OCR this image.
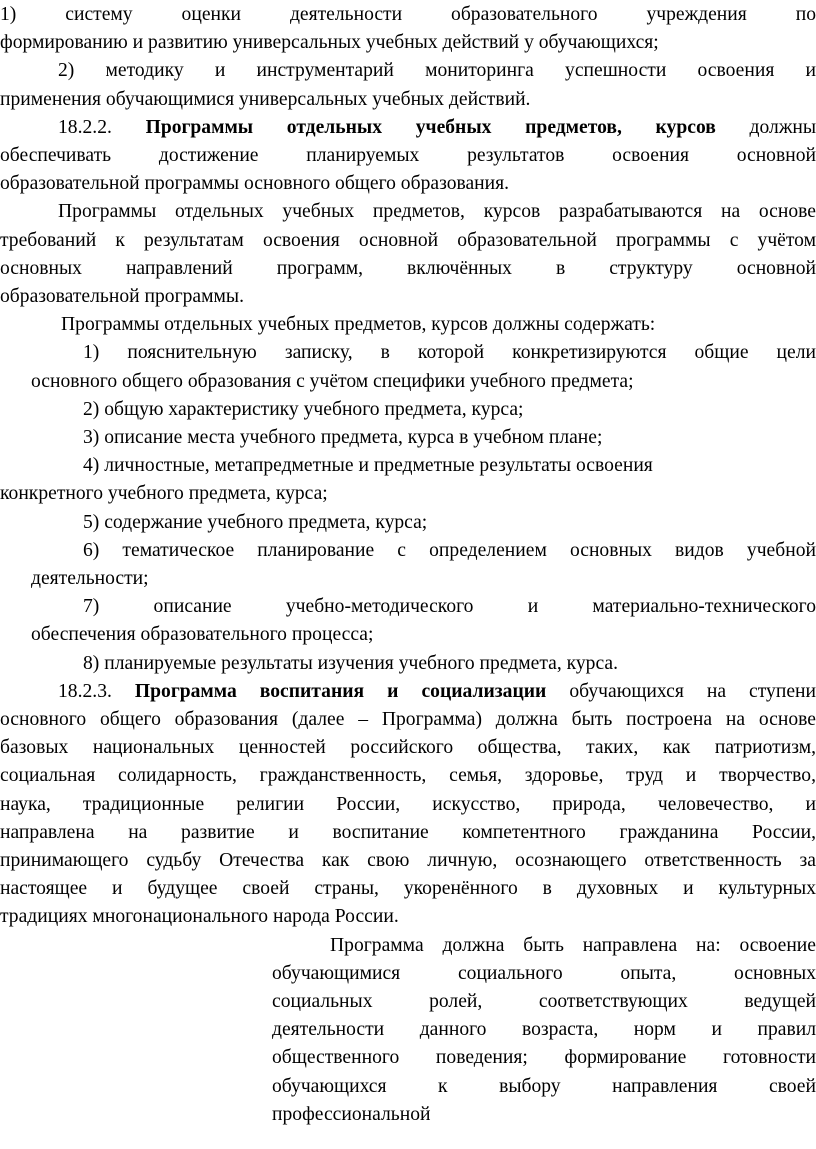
1) систему оценки деятельности образовательного учреждения по
формированию и развитию универсальных учебных действий у обучающихся;
2) методику и инструментарий мониторинга успешности освоения и
применения обучающимися универсальных учебных действий.
18.2.2. Программы отдельных учебных предметов, курсов должны
обеспечивать достижение планируемых результатов освоения основной
образовательной программы основного общего образования.
Программы отдельных учебных предметов, курсов разрабатываются на основе
требований к результатам освоения основной образовательной программы с учётом
основных направлений программ, включённых в структуру основной
образовательной программы.
Программы отдельных учебных предметов, курсов должны содержать:
1) пояснительную записку, в которой конкретизируются общие цели
основного общего образования с учётом специфики учебного предмета;
2) общую характеристику учебного предмета, курса;
3) описание места учебного предмета, курса в учебном плане;
4) личностные, метапредметные и предметные результаты освоения
конкретного учебного предмета, курса;
5) содержание учебного предмета, курса;
6) тематическое планирование с определением основных видов учебной
деятельности;
7) описание учебно-методического и материально-технического
обеспечения образовательного процесса;
8) планируемые результаты изучения учебного предмета, курса.
18.2.3. Программа воспитания и социализации обучающихся на ступени
основного общего образования (далее – Программа) должна быть построена на основе
базовых национальных ценностей российского общества, таких, как патриотизм,
социальная солидарность, гражданственность, семья, здоровье, труд и творчество,
наука, традиционные религии России, искусство, природа, человечество, и
направлена на развитие и воспитание компетентного гражданина России,
принимающего судьбу Отечества как свою личную, осознающего ответственность за
настоящее и будущее своей страны, укоренённого в духовных и культурных
традициях многонационального народа России.
Программа должна быть направлена на: освоение
обучающимися социального опыта, основных
социальных ролей, соответствующих ведущей
деятельности данного возраста, норм и правил
общественного поведения; формирование готовности
обучающихся к выбору направления своей
профессиональной
